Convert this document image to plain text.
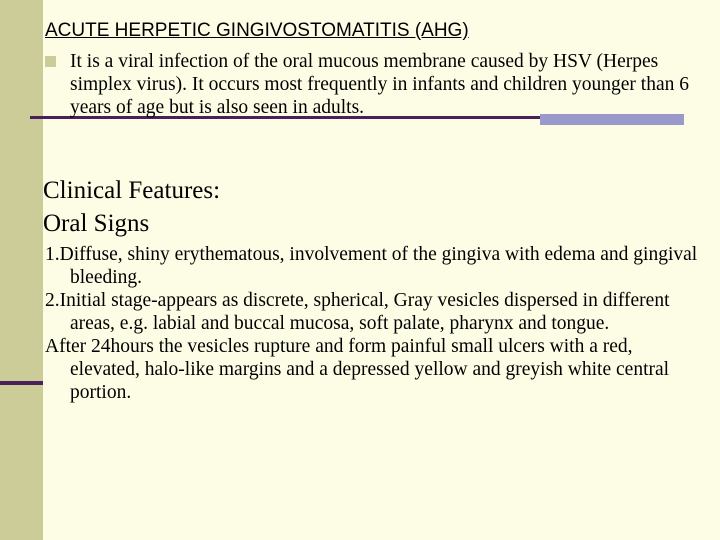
ACUTE HERPETIC GINGIVOSTOMATITIS (AHG)
It is a viral infection of the oral mucous membrane caused by HSV (Herpes simplex virus). It occurs most frequently in infants and children younger than 6 years of age but is also seen in adults.
Clinical Features:
Oral Signs
1.Diffuse, shiny erythematous, involvement of the gingiva with edema and gingival bleeding.
2.Initial stage-appears as discrete, spherical, Gray vesicles dispersed in different areas, e.g. labial and buccal mucosa, soft palate, pharynx and tongue.
After 24hours the vesicles rupture and form painful small ulcers with a red, elevated, halo-like margins and a depressed yellow and greyish white central portion.
